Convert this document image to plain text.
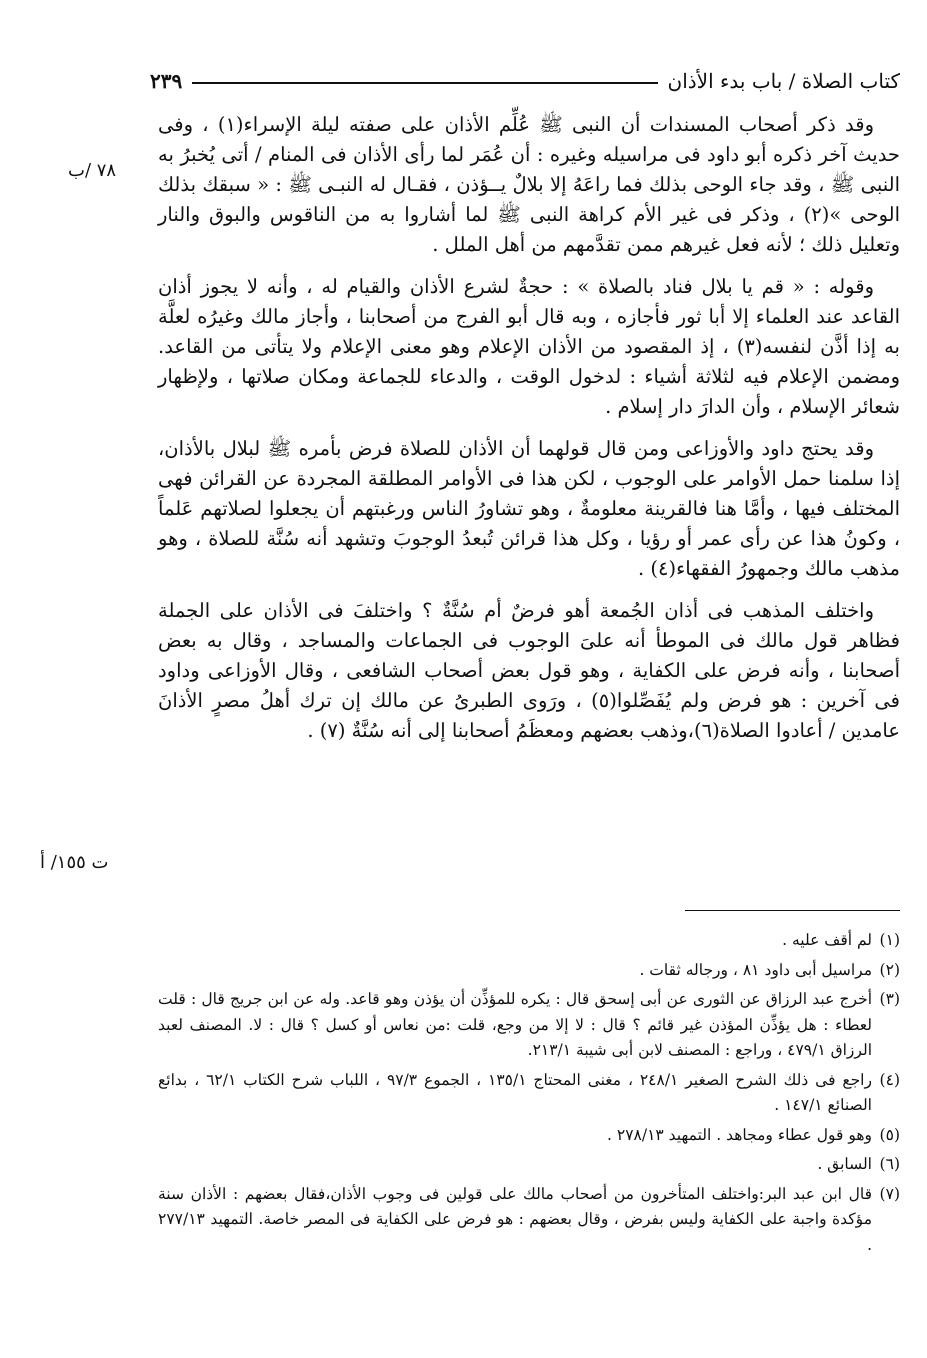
كتاب الصلاة / باب بدء الأذان
٢٣٩
٧٨ /ب
ت ١٥٥/ أ

وقد ذكر أصحاب المسندات أن النبى ﷺ عُلِّم الأذان على صفته ليلة الإسراء(١) ، وفى حديث آخر ذكره أبو داود فى مراسيله وغيره : أن عُمَر لما رأى الأذان فى المنام / أتى يُخبرُ به النبى ﷺ ، وقد جاء الوحى بذلك فما راعَهُ إلا بلالٌ يــؤذن ، فقـال له النبـى ﷺ : « سبقك بذلك الوحى »(٢) ، وذكر فى غير الأم كراهة النبى ﷺ لما أشاروا به من الناقوس والبوق والنار وتعليل ذلك ؛ لأنه فعل غيرهم ممن تقدَّمهم من أهل الملل .

وقوله : « قم يا بلال فناد بالصلاة » : حجةٌ لشرع الأذان والقيام له ، وأنه لا يجوز أذان القاعد عند العلماء إلا أبا ثور فأجازه ، وبه قال أبو الفرج من أصحابنا ، وأجاز مالك وغيرُه لعلَّة به إذا أذَّن لنفسه(٣) ، إذ المقصود من الأذان الإعلام وهو معنى الإعلام ولا يتأتى من القاعد. ومضمن الإعلام فيه لثلاثة أشياء : لدخول الوقت ، والدعاء للجماعة ومكان صلاتها ، ولإظهار شعائر الإسلام ، وأن الدارَ دار إسلام .

وقد يحتج داود والأوزاعى ومن قال قولهما أن الأذان للصلاة فرض بأمره ﷺ لبلال بالأذان، إذا سلمنا حمل الأوامر على الوجوب ، لكن هذا فى الأوامر المطلقة المجردة عن القرائن فهى المختلف فيها ، وأمَّا هنا فالقرينة معلومةٌ ، وهو تشاورُ الناس ورغبتهم أن يجعلوا لصلاتهم عَلماً ، وكونُ هذا عن رأى عمر أو رؤيا ، وكل هذا قرائن تُبعدُ الوجوبَ وتشهد أنه سُنَّة للصلاة ، وهو مذهب مالك وجمهورُ الفقهاء(٤) .

واختلف المذهب فى أذان الجُمعة أهو فرضٌ أم سُنَّةٌ ؟ واختلفَ فى الأذان على الجملة فظاهر قول مالك فى الموطأ أنه علىَ الوجوب فى الجماعات والمساجد ، وقال به بعض أصحابنا ، وأنه فرض على الكفاية ، وهو قول بعض أصحاب الشافعى ، وقال الأوزاعى وداود فى آخرين : هو فرض ولم يُفَصِّلوا(٥) ، ورَوى الطبرىُ عن مالك إن ترك أهلُ مصرٍ الأذانَ عامدين / أعادوا الصلاة(٦)،وذهب بعضهم ومعظَمُ أصحابنا إلى أنه سُنَّةٌ (٧) .

(١)
لم أقف عليه .
(٢)
مراسيل أبى داود ٨١ ، ورجاله ثقات .
(٣)
أخرج عبد الرزاق عن الثورى عن أبى إسحق قال : يكره للمؤذِّن أن يؤذن وهو قاعد. وله عن ابن جريج قال : قلت لعطاء : هل يؤذِّن المؤذن غير قائم ؟ قال : لا إلا من وجع، قلت :من نعاس أو كسل ؟ قال : لا. المصنف لعبد الرزاق ٤٧٩/١ ، وراجع : المصنف لابن أبى شيبة ٢١٣/١.
(٤)
راجع فى ذلك الشرح الصغير ٢٤٨/١ ، مغنى المحتاج ١٣٥/١ ، الجموع ٩٧/٣ ، اللباب شرح الكتاب ٦٢/١ ، بدائع الصنائع ١٤٧/١ .
(٥)
وهو قول عطاء ومجاهد . التمهيد ٢٧٨/١٣ .
(٦)
السابق .
(٧)
قال ابن عبد البر:واختلف المتأخرون من أصحاب مالك على قولين فى وجوب الأذان،فقال بعضهم : الأذان سنة مؤكدة واجبة على الكفاية وليس بفرض ، وقال بعضهم : هو فرض على الكفاية فى المصر خاصة. التمهيد ٢٧٧/١٣ .
